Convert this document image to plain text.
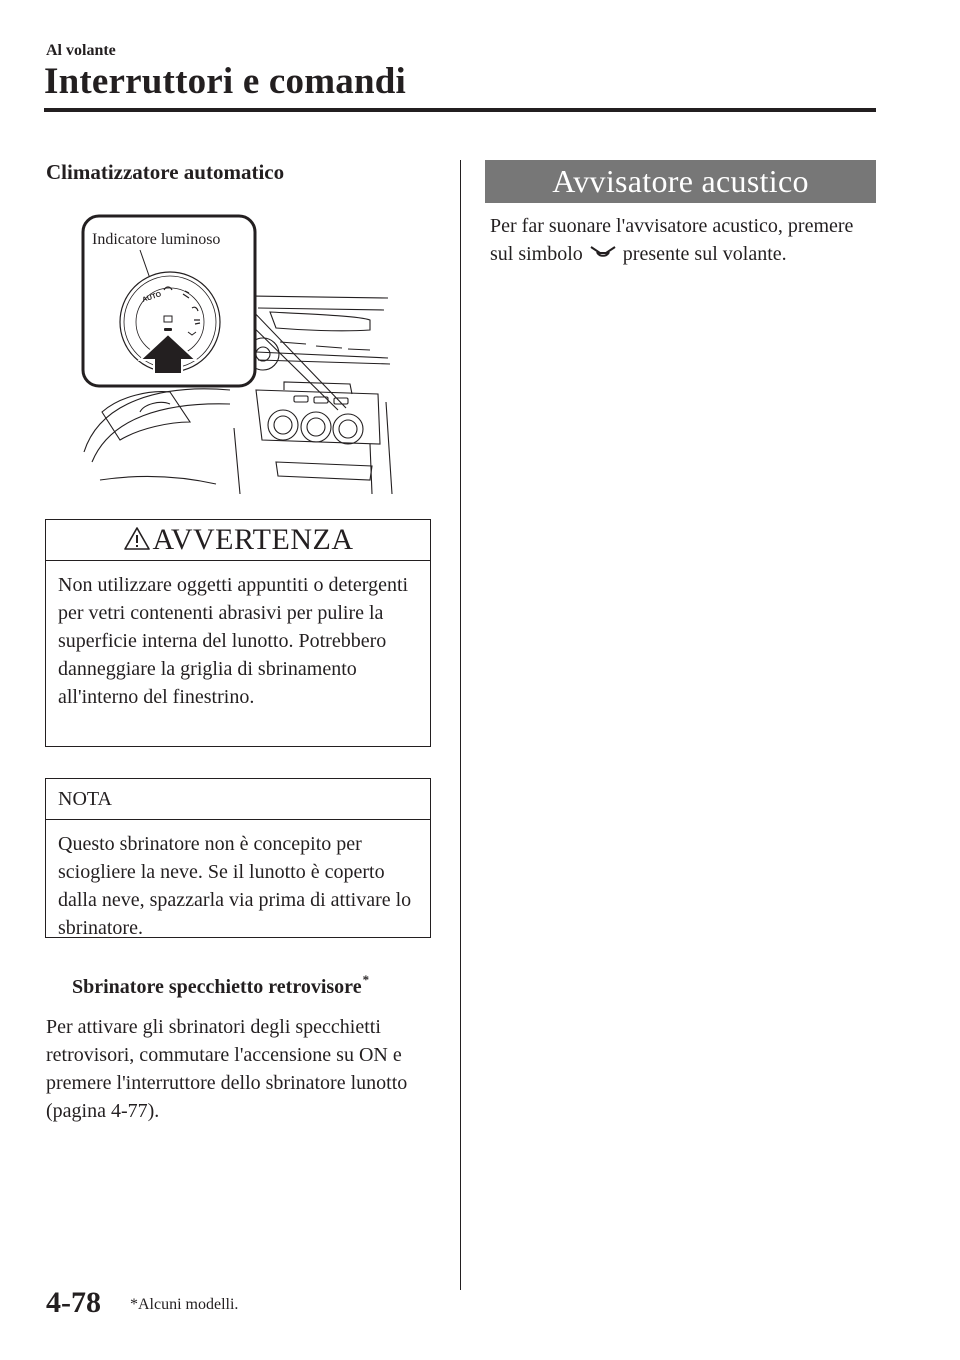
Al volante
Interruttori e comandi
Climatizzatore automatico
Indicatore luminoso
AUTO
AVVERTENZA
Non utilizzare oggetti appuntiti o detergenti per vetri contenenti abrasivi per pulire la superficie interna del lunotto. Potrebbero danneggiare la griglia di sbrinamento all'interno del finestrino.
NOTA
Questo sbrinatore non è concepito per sciogliere la neve. Se il lunotto è coperto dalla neve, spazzarla via prima di attivare lo sbrinatore.
Sbrinatore specchietto retrovisore*
Per attivare gli sbrinatori degli specchietti retrovisori, commutare l'accensione su ON e premere l'interruttore dello sbrinatore lunotto (pagina 4-77).
Avvisatore acustico
Per far suonare l'avvisatore acustico, premere sul simbolo  presente sul volante.
4-78 *Alcuni modelli.
